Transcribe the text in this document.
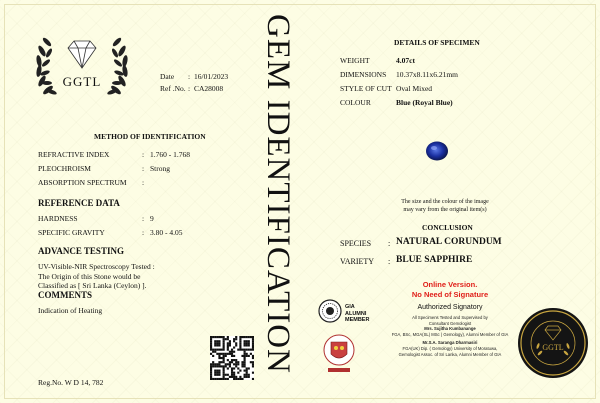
GGTL	Date : 16/01/2023
Ref .No. : CA28008
METHOD OF IDENTIFICATION
REFRACTIVE INDEX	: 1.760 - 1.768
PLEOCHROISM	: Strong
ABSORPTION SPECTRUM :
REFERENCE DATA
HARDNESS	: 9
SPECIFIC GRAVITY	: 3.80 - 4.05
ADVANCE TESTING
UV-Visible-NIR Spectroscopy Tested :
The Origin of this Stone would be
Classified as [ Sri Lanka (Ceylon) ].
COMMENTS
Indication of Heating
Reg.No. W D 14, 782
GEM IDENTIFICATION	DETAILS OF SPECIMEN
WEIGHT	4.07ct
DIMENSIONS 10.37x8.11x6.21mm
STYLE OF CUT Oval Mixed
COLOUR	Blue (Royal Blue)
The size and the colour of the image
may vary from the original item(s)
CONCLUSION
SPECIES : NATURAL CORUNDUM
VARIETY : BLUE SAPPHIRE
Online Version.
No Need of Signature
Authorized Signatory
All Specimens Tested and Supervised by
Consultant Gemologist
Mrs. Sujitha Kumbanange
FGA, BSc, MGA(SL) MSc ( Gemology), Alumni Member of GIA
Mr.S.A. Saranga Dharmasiri
FGA(UK) Dip. ( Gemology) University of Moratuwa,
Gemologist Assoc. of Sri Lanka, Alumni Member of GIA
GIA ALUMNI
MEMBER
GGTL
